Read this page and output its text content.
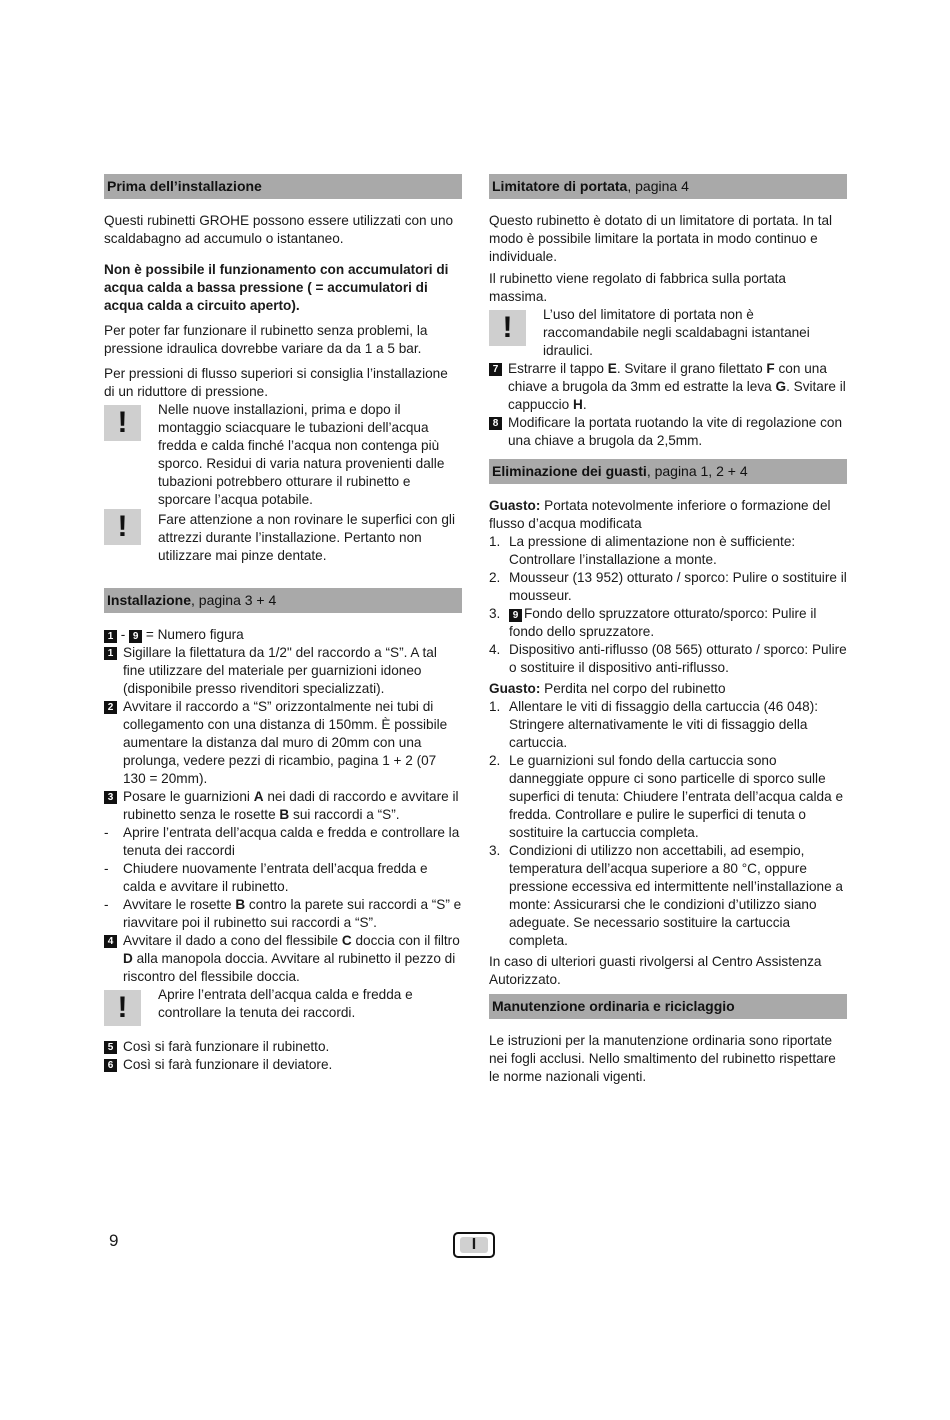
Prima dell’installazione

Questi rubinetti GROHE possono essere utilizzati con uno scaldabagno ad accumulo o istantaneo.

Non è possibile il funzionamento con accumulatori di acqua calda a bassa pressione ( = accumulatori di acqua calda a circuito aperto).

Per poter far funzionare il rubinetto senza problemi, la pressione idraulica dovrebbe variare da da 1 a 5 bar.

Per pressioni di flusso superiori si consiglia l’installazione di un riduttore di pressione.

!	Nelle nuove installazioni, prima e dopo il montaggio sciacquare le tubazioni dell’acqua fredda e calda finché l’acqua non contenga più sporco. Residui di varia natura provenienti dalle tubazioni potrebbero otturare il rubinetto e sporcare l’acqua potabile.
!	Fare attenzione a non rovinare le superfici con gli attrezzi durante l’installazione. Pertanto non utilizzare mai pinze dentate.
Installazione, pagina 3 + 4

1 - 9 = Numero figura

1 Sigillare la filettatura da 1/2" del raccordo a “S”. A tal fine utilizzare del materiale per guarnizioni idoneo (disponibile presso rivenditori specializzati).
2 Avvitare il raccordo a “S” orizzontalmente nei tubi di collegamento con una distanza di 150mm. È possibile aumentare la distanza dal muro di 20mm con una prolunga, vedere pezzi di ricambio, pagina 1 + 2 (07 130 = 20mm).
3 Posare le guarnizioni A nei dadi di raccordo e avvitare il rubinetto senza le rosette B sui raccordi a “S”.
- Aprire l’entrata dell’acqua calda e fredda e controllare la tenuta dei raccordi
- Chiudere nuovamente l’entrata dell’acqua fredda e calda e avvitare il rubinetto.
- Avvitare le rosette B contro la parete sui raccordi a “S” e riavvitare poi il rubinetto sui raccordi a “S”.
4 Avvitare il dado a cono del flessibile C doccia con il filtro D alla manopola doccia. Avvitare al rubinetto il pezzo di riscontro del flessibile doccia.
!	Aprire l’entrata dell’acqua calda e fredda e controllare la tenuta dei raccordi.
5 Così si farà funzionare il rubinetto.
6 Così si farà funzionare il deviatore.
Limitatore di portata, pagina 4

Questo rubinetto è dotato di un limitatore di portata. In tal modo è possibile limitare la portata in modo continuo e individuale.

Il rubinetto viene regolato di fabbrica sulla portata massima.

!	L’uso del limitatore di portata non è raccomandabile negli scaldabagni istantanei idraulici.
7 Estrarre il tappo E. Svitare il grano filettato F con una chiave a brugola da 3mm ed estratte la leva G. Svitare il cappuccio H.
8 Modificare la portata ruotando la vite di regolazione con una chiave a brugola da 2,5mm.
Eliminazione dei guasti, pagina 1, 2 + 4

Guasto: Portata notevolmente inferiore o formazione del flusso d’acqua modificata

1. La pressione di alimentazione non è sufficiente: Controllare l’installazione a monte.
2. Mousseur (13 952) otturato / sporco: Pulire o sostituire il mousseur.
3. 9 Fondo dello spruzzatore otturato/sporco: Pulire il fondo dello spruzzatore.
4. Dispositivo anti-riflusso (08 565) otturato / sporco: Pulire o sostituire il dispositivo anti-riflusso.

Guasto: Perdita nel corpo del rubinetto

1. Allentare le viti di fissaggio della cartuccia (46 048): Stringere alternativamente le viti di fissaggio della cartuccia.
2. Le guarnizioni sul fondo della cartuccia sono danneggiate oppure ci sono particelle di sporco sulle superfici di tenuta: Chiudere l’entrata dell’acqua calda e fredda. Controllare e pulire le superfici di tenuta o sostituire la cartuccia completa.
3. Condizioni di utilizzo non accettabili, ad esempio, temperatura dell’acqua superiore a 80 °C, oppure pressione eccessiva ed intermittente nell’installazione a monte: Assicurarsi che le condizioni d’utilizzo siano adeguate. Se necessario sostituire la cartuccia completa.

In caso di ulteriori guasti rivolgersi al Centro Assistenza Autorizzato.

Manutenzione ordinaria e riciclaggio

Le istruzioni per la manutenzione ordinaria sono riportate nei fogli acclusi. Nello smaltimento del rubinetto rispettare le norme nazionali vigenti.

9	I
